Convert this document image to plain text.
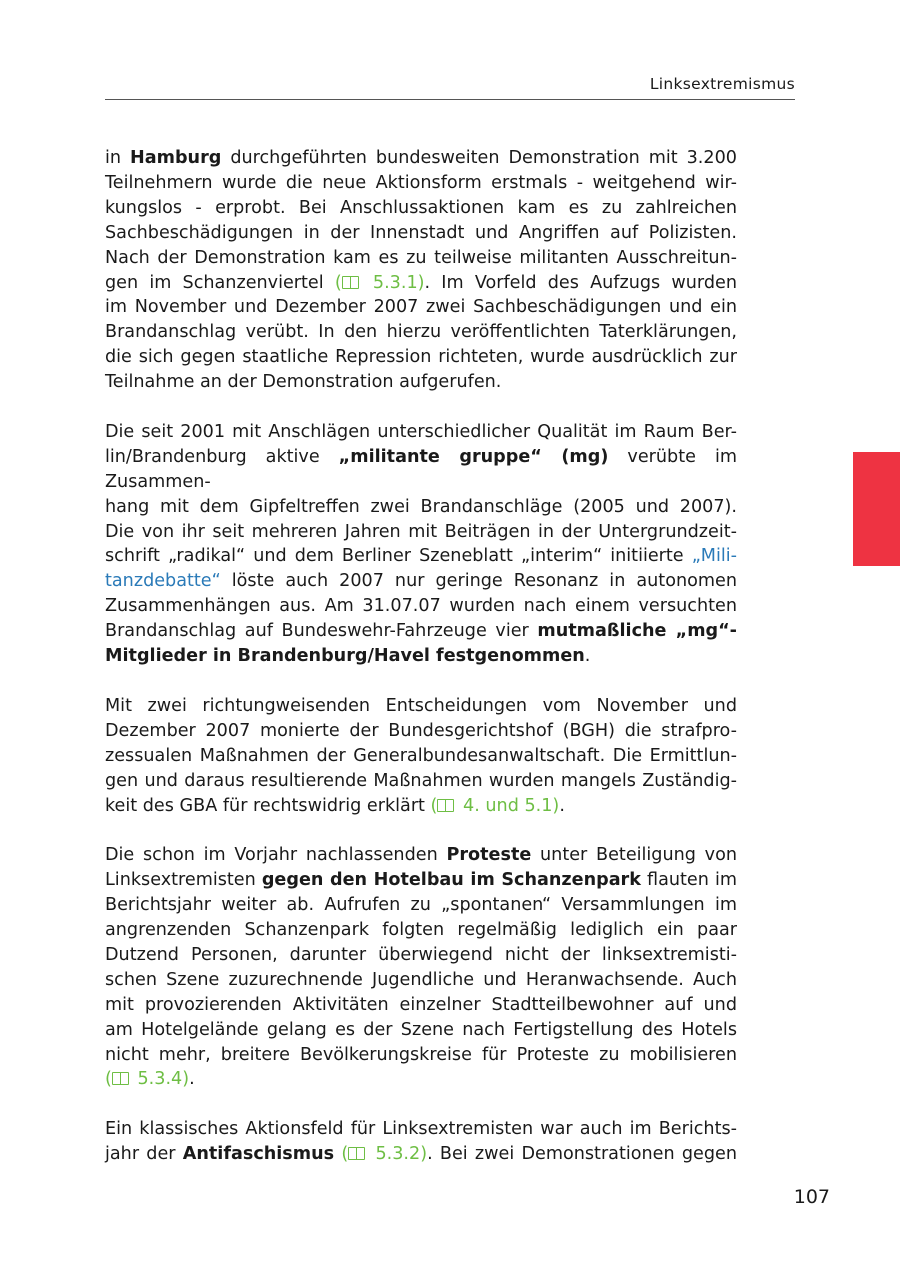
Linksextremismus

in Hamburg durchgeführten bundesweiten Demonstration mit 3.200
Teilnehmern wurde die neue Aktionsform erstmals - weitgehend wir-
kungslos - erprobt. Bei Anschlussaktionen kam es zu zahlreichen
Sachbeschädigungen in der Innenstadt und Angriffen auf Polizisten.
Nach der Demonstration kam es zu teilweise militanten Ausschreitun-
gen im Schanzenviertel ( 5.3.1). Im Vorfeld des Aufzugs wurden
im November und Dezember 2007 zwei Sachbeschädigungen und ein
Brandanschlag verübt. In den hierzu veröffentlichten Taterklärungen,
die sich gegen staatliche Repression richteten, wurde ausdrücklich zur
Teilnahme an der Demonstration aufgerufen.

Die seit 2001 mit Anschlägen unterschiedlicher Qualität im Raum Ber-
lin/Brandenburg aktive „militante gruppe“ (mg) verübte im Zusammen-
hang mit dem Gipfeltreffen zwei Brandanschläge (2005 und 2007).
Die von ihr seit mehreren Jahren mit Beiträgen in der Untergrundzeit-
schrift „radikal“ und dem Berliner Szeneblatt „interim“ initiierte „Mili-
tanzdebatte“ löste auch 2007 nur geringe Resonanz in autonomen
Zusammenhängen aus. Am 31.07.07 wurden nach einem versuchten
Brandanschlag auf Bundeswehr-Fahrzeuge vier mutmaßliche „mg“-
Mitglieder in Brandenburg/Havel festgenommen.

Mit zwei richtungweisenden Entscheidungen vom November und
Dezember 2007 monierte der Bundesgerichtshof (BGH) die strafpro-
zessualen Maßnahmen der Generalbundesanwaltschaft. Die Ermittlun-
gen und daraus resultierende Maßnahmen wurden mangels Zuständig-
keit des GBA für rechtswidrig erklärt ( 4. und 5.1).

Die schon im Vorjahr nachlassenden Proteste unter Beteiligung von
Linksextremisten gegen den Hotelbau im Schanzenpark flauten im
Berichtsjahr weiter ab. Aufrufen zu „spontanen“ Versammlungen im
angrenzenden Schanzenpark folgten regelmäßig lediglich ein paar
Dutzend Personen, darunter überwiegend nicht der linksextremisti-
schen Szene zuzurechnende Jugendliche und Heranwachsende. Auch
mit provozierenden Aktivitäten einzelner Stadtteilbewohner auf und
am Hotelgelände gelang es der Szene nach Fertigstellung des Hotels
nicht mehr, breitere Bevölkerungskreise für Proteste zu mobilisieren
( 5.3.4).

Ein klassisches Aktionsfeld für Linksextremisten war auch im Berichts-
jahr der Antifaschismus ( 5.3.2). Bei zwei Demonstrationen gegen

107
